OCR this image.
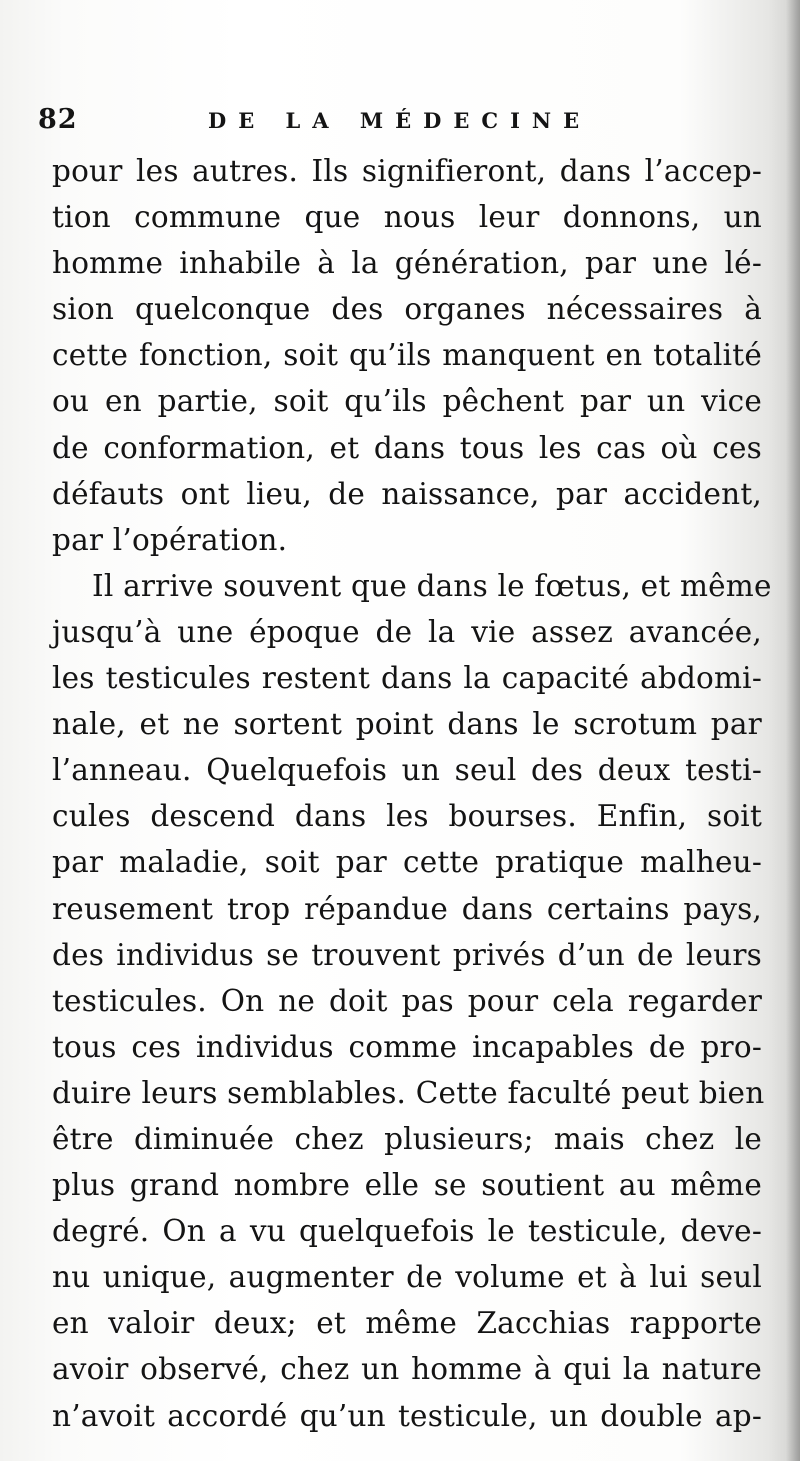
82	DE LA MÉDECINE
pour les autres. Ils signifieront, dans l’accep-
tion commune que nous leur donnons, un
homme inhabile à la génération, par une lé-
sion quelconque des organes nécessaires à
cette fonction, soit qu’ils manquent en totalité
ou en partie, soit qu’ils pêchent par un vice
de conformation, et dans tous les cas où ces
défauts ont lieu, de naissance, par accident,
par l’opération.
Il arrive souvent que dans le fœtus, et même
jusqu’à une époque de la vie assez avancée,
les testicules restent dans la capacité abdomi-
nale, et ne sortent point dans le scrotum par
l’anneau. Quelquefois un seul des deux testi-
cules descend dans les bourses. Enfin, soit
par maladie, soit par cette pratique malheu-
reusement trop répandue dans certains pays,
des individus se trouvent privés d’un de leurs
testicules. On ne doit pas pour cela regarder
tous ces individus comme incapables de pro-
duire leurs semblables. Cette faculté peut bien
être diminuée chez plusieurs; mais chez le
plus grand nombre elle se soutient au même
degré. On a vu quelquefois le testicule, deve-
nu unique, augmenter de volume et à lui seul
en valoir deux; et même Zacchias rapporte
avoir observé, chez un homme à qui la nature
n’avoit accordé qu’un testicule, un double ap-
